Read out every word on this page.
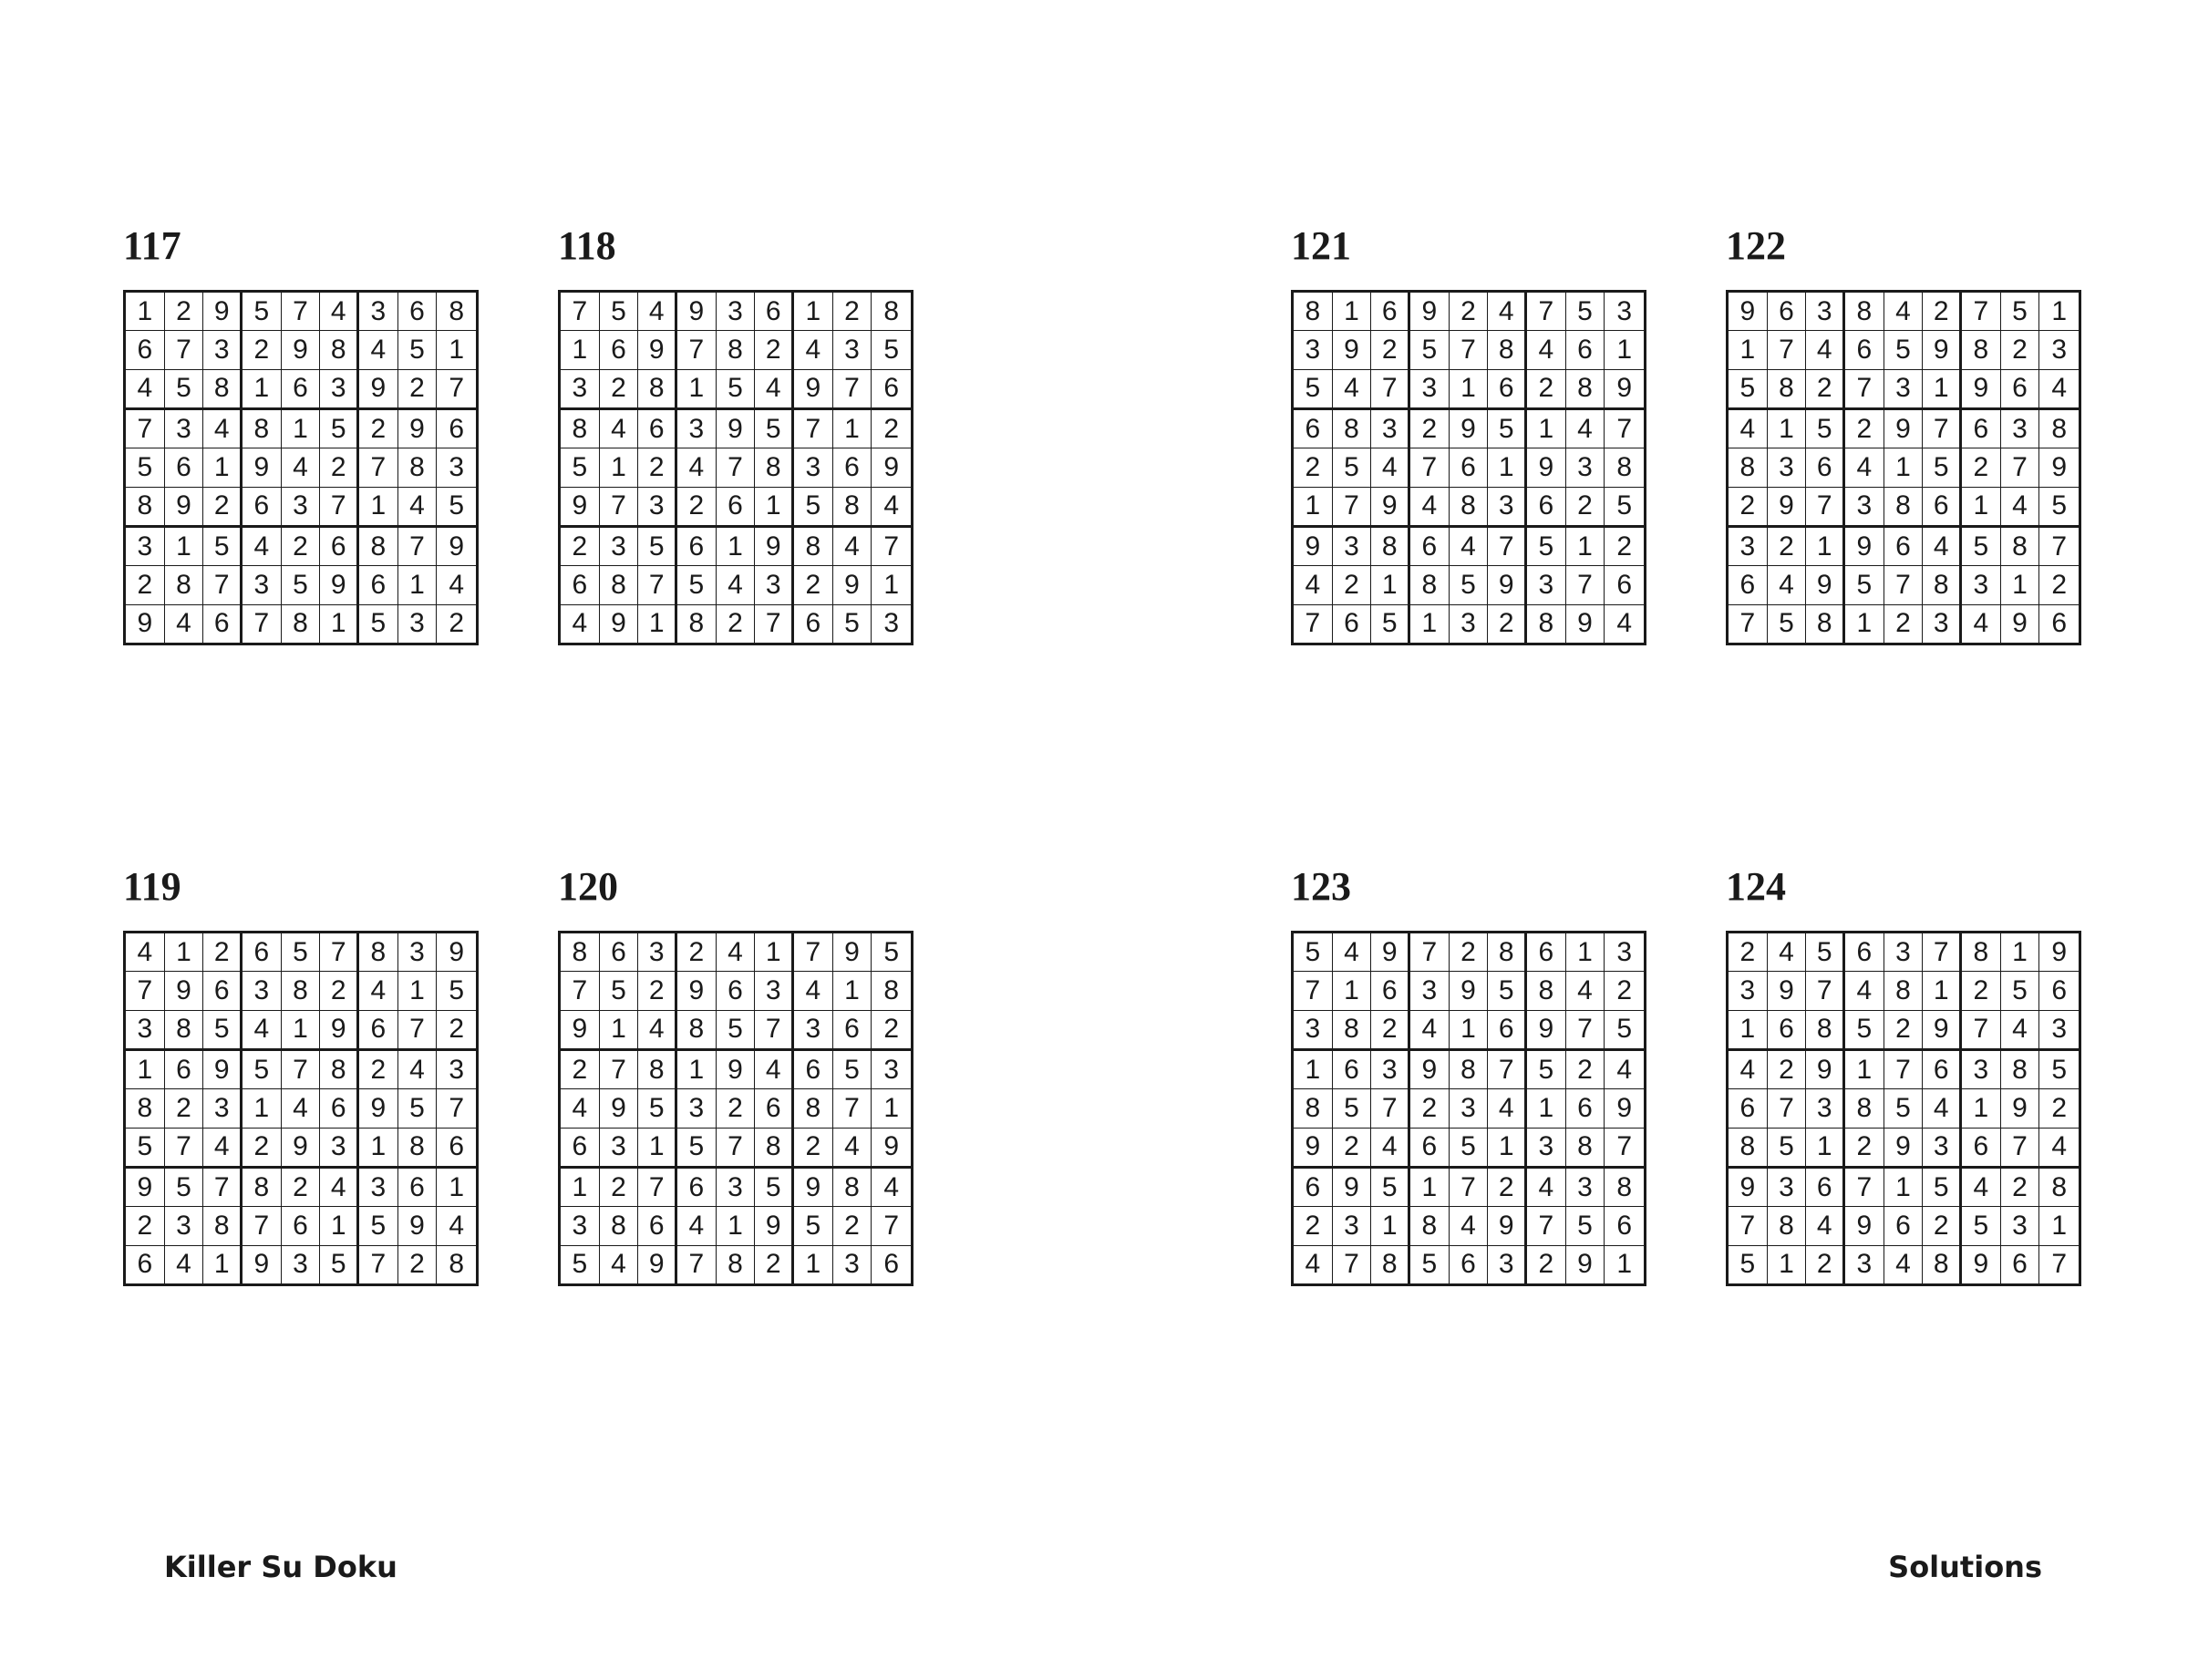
117
1 2 9 5 7 4 3 6 8
6 7 3 2 9 8 4 5 1
4 5 8 1 6 3 9 2 7
7 3 4 8 1 5 2 9 6
5 6 1 9 4 2 7 8 3
8 9 2 6 3 7 1 4 5
3 1 5 4 2 6 8 7 9
2 8 7 3 5 9 6 1 4
9 4 6 7 8 1 5 3 2
118
7 5 4 9 3 6 1 2 8
1 6 9 7 8 2 4 3 5
3 2 8 1 5 4 9 7 6
8 4 6 3 9 5 7 1 2
5 1 2 4 7 8 3 6 9
9 7 3 2 6 1 5 8 4
2 3 5 6 1 9 8 4 7
6 8 7 5 4 3 2 9 1
4 9 1 8 2 7 6 5 3
121
8 1 6 9 2 4 7 5 3
3 9 2 5 7 8 4 6 1
5 4 7 3 1 6 2 8 9
6 8 3 2 9 5 1 4 7
2 5 4 7 6 1 9 3 8
1 7 9 4 8 3 6 2 5
9 3 8 6 4 7 5 1 2
4 2 1 8 5 9 3 7 6
7 6 5 1 3 2 8 9 4
122
9 6 3 8 4 2 7 5 1
1 7 4 6 5 9 8 2 3
5 8 2 7 3 1 9 6 4
4 1 5 2 9 7 6 3 8
8 3 6 4 1 5 2 7 9
2 9 7 3 8 6 1 4 5
3 2 1 9 6 4 5 8 7
6 4 9 5 7 8 3 1 2
7 5 8 1 2 3 4 9 6
119
4 1 2 6 5 7 8 3 9
7 9 6 3 8 2 4 1 5
3 8 5 4 1 9 6 7 2
1 6 9 5 7 8 2 4 3
8 2 3 1 4 6 9 5 7
5 7 4 2 9 3 1 8 6
9 5 7 8 2 4 3 6 1
2 3 8 7 6 1 5 9 4
6 4 1 9 3 5 7 2 8
120
8 6 3 2 4 1 7 9 5
7 5 2 9 6 3 4 1 8
9 1 4 8 5 7 3 6 2
2 7 8 1 9 4 6 5 3
4 9 5 3 2 6 8 7 1
6 3 1 5 7 8 2 4 9
1 2 7 6 3 5 9 8 4
3 8 6 4 1 9 5 2 7
5 4 9 7 8 2 1 3 6
123
5 4 9 7 2 8 6 1 3
7 1 6 3 9 5 8 4 2
3 8 2 4 1 6 9 7 5
1 6 3 9 8 7 5 2 4
8 5 7 2 3 4 1 6 9
9 2 4 6 5 1 3 8 7
6 9 5 1 7 2 4 3 8
2 3 1 8 4 9 7 5 6
4 7 8 5 6 3 2 9 1
124
2 4 5 6 3 7 8 1 9
3 9 7 4 8 1 2 5 6
1 6 8 5 2 9 7 4 3
4 2 9 1 7 6 3 8 5
6 7 3 8 5 4 1 9 2
8 5 1 2 9 3 6 7 4
9 3 6 7 1 5 4 2 8
7 8 4 9 6 2 5 3 1
5 1 2 3 4 8 9 6 7
Killer Su Doku	Solutions
